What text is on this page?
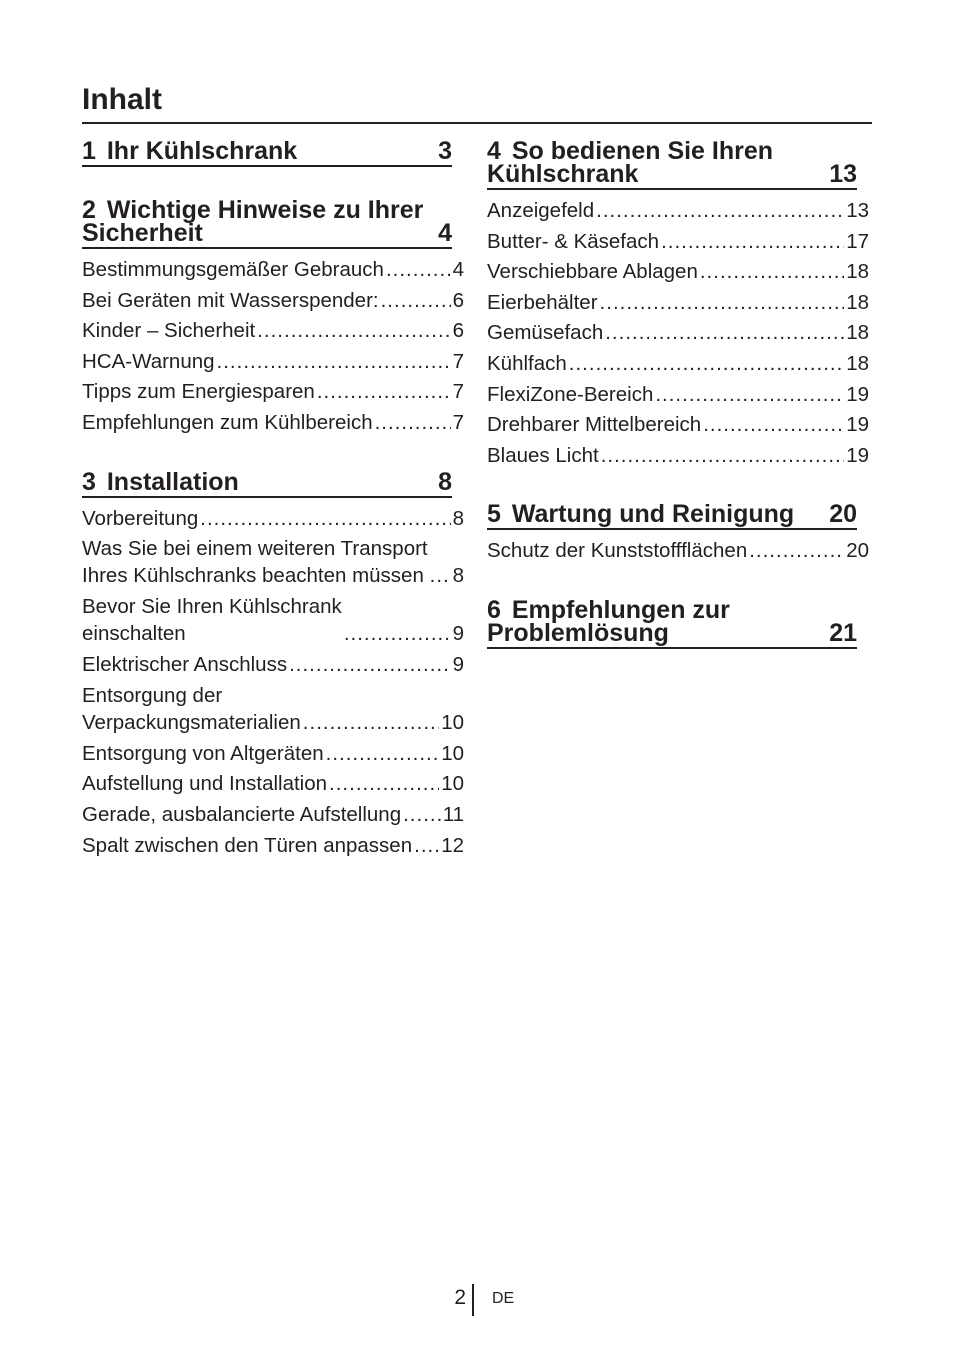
Inhalt
1 Ihr Kühlschrank	3
2 Wichtige Hinweise zu Ihrer
Sicherheit	4
Bestimmungsgemäßer Gebrauch .....	4
Bei Geräten mit Wasserspender: .....	6
Kinder – Sicherheit .....	6
HCA-Warnung .....	7
Tipps zum Energiesparen .....	7
Empfehlungen zum Kühlbereich .....	7
3 Installation	8
Vorbereitung .....	8
Was Sie bei einem weiteren Transport
Ihres Kühlschranks beachten müssen ..... 8
Bevor Sie Ihren Kühlschrank
einschalten .....	9
Elektrischer Anschluss .....	9
Entsorgung der
Verpackungsmaterialien .....	10
Entsorgung von Altgeräten .....	10
Aufstellung und Installation .....	10
Gerade, ausbalancierte Aufstellung ..... 11
Spalt zwischen den Türen anpassen ..... 12
4 So bedienen Sie Ihren
Kühlschrank	13
Anzeigefeld .....	13
Butter- & Käsefach .....	17
Verschiebbare Ablagen .....	18
Eierbehälter .....	18
Gemüsefach .....	18
Kühlfach .....	18
FlexiZone-Bereich .....	19
Drehbarer Mittelbereich .....	19
Blaues Licht .....	19
5 Wartung und Reinigung 20
Schutz der Kunststoffflächen .....	20
6 Empfehlungen zur
Problemlösung	21
2 DE
